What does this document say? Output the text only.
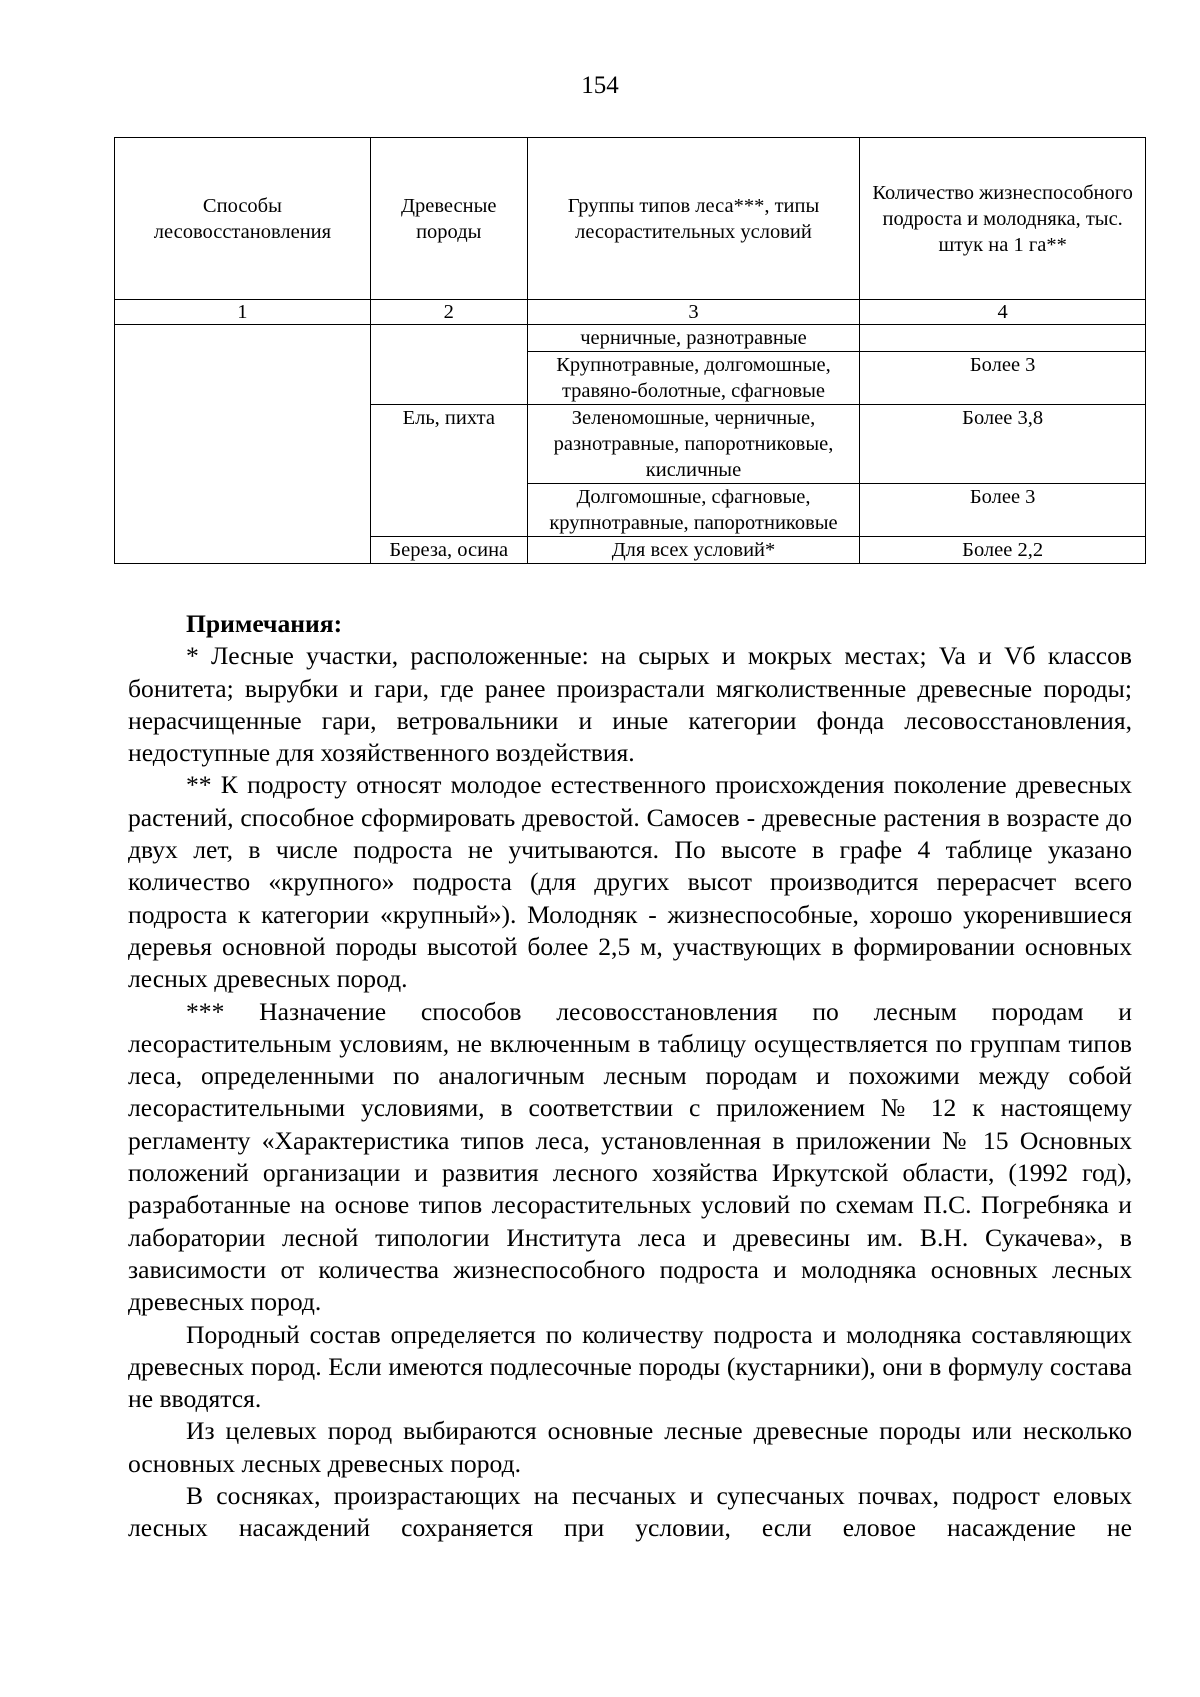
154
Способы лесовосстановления	Древесные породы	Группы типов леса***, типы лесорастительных условий	Количество жизнеспособного подроста и молодняка, тыс. штук на 1 га**
1	2	3	4
		черничные, разнотравные	
		Крупнотравные, долгомошные, травяно-болотные, сфагновые	Более 3
	Ель, пихта	Зеленомошные, черничные, разнотравные, папоротниковые, кисличные	Более 3,8
		Долгомошные, сфагновые, крупнотравные, папоротниковые	Более 3
	Береза, осина	Для всех условий*	Более 2,2

Примечания:

* Лесные участки, расположенные: на сырых и мокрых местах; Va и Vб классов бонитета; вырубки и гари, где ранее произрастали мягколиственные древесные породы; нерасчищенные гари, ветровальники и иные категории фонда лесовосстановления, недоступные для хозяйственного воздействия.

** К подросту относят молодое естественного происхождения поколение древесных растений, способное сформировать древостой. Самосев - древесные растения в возрасте до двух лет, в числе подроста не учитываются. По высоте в графе 4 таблице указано количество «крупного» подроста (для других высот производится перерасчет всего подроста к категории «крупный»). Молодняк - жизнеспособные, хорошо укоренившиеся деревья основной породы высотой более 2,5 м, участвующих в формировании основных лесных древесных пород.

*** Назначение способов лесовосстановления по лесным породам и лесорастительным условиям, не включенным в таблицу осуществляется по группам типов леса, определенными по аналогичным лесным породам и похожими между собой лесорастительными условиями, в соответствии с приложением № 12 к настоящему регламенту «Характеристика типов леса, установленная в приложении № 15 Основных положений организации и развития лесного хозяйства Иркутской области, (1992 год), разработанные на основе типов лесорастительных условий по схемам П.С. Погребняка и лаборатории лесной типологии Института леса и древесины им. В.Н. Сукачева», в зависимости от количества жизнеспособного подроста и молодняка основных лесных древесных пород.

Породный состав определяется по количеству подроста и молодняка составляющих древесных пород. Если имеются подлесочные породы (кустарники), они в формулу состава не вводятся.

Из целевых пород выбираются основные лесные древесные породы или несколько основных лесных древесных пород.

В сосняках, произрастающих на песчаных и супесчаных почвах, подрост еловых лесных насаждений сохраняется при условии, если еловое насаждение не
